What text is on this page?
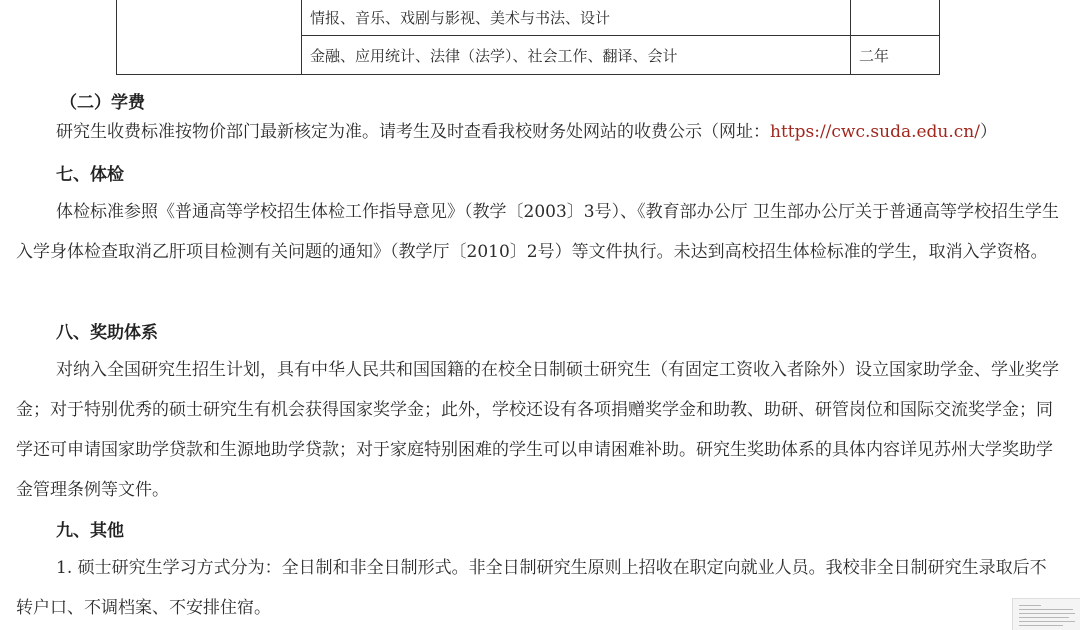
	情报、音乐、戏剧与影视、美术与书法、设计	
	金融、应用统计、法律（法学）、社会工作、翻译、会计	二年
（二）学费
研究生收费标准按物价部门最新核定为准。请考生及时查看我校财务处网站的收费公示（网址：https://cwc.suda.edu.cn/）
七、体检
体检标准参照《普通高等学校招生体检工作指导意见》（教学〔2003〕3号）、《教育部办公厅 卫生部办公厅关于普通高等学校招生学生入学身体检查取消乙肝项目检测有关问题的通知》（教学厅〔2010〕2号）等文件执行。未达到高校招生体检标准的学生，取消入学资格。
八、奖助体系
对纳入全国研究生招生计划，具有中华人民共和国国籍的在校全日制硕士研究生（有固定工资收入者除外）设立国家助学金、学业奖学金；对于特别优秀的硕士研究生有机会获得国家奖学金；此外，学校还设有各项捐赠奖学金和助教、助研、研管岗位和国际交流奖学金；同学还可申请国家助学贷款和生源地助学贷款；对于家庭特别困难的学生可以申请困难补助。研究生奖助体系的具体内容详见苏州大学奖助学金管理条例等文件。
九、其他
1. 硕士研究生学习方式分为：全日制和非全日制形式。非全日制研究生原则上招收在职定向就业人员。我校非全日制研究生录取后不转户口、不调档案、不安排住宿。
